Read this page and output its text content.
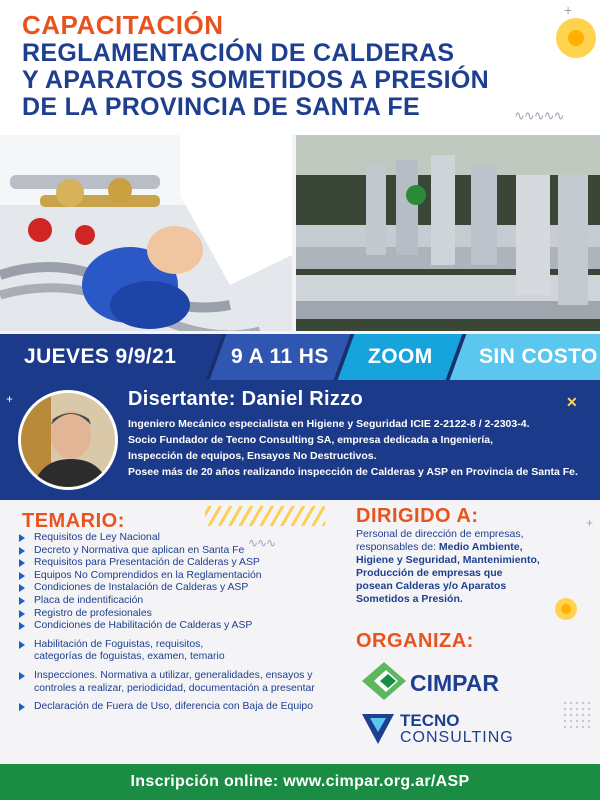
+
CAPACITACIÓN
REGLAMENTACIÓN DE CALDERAS
Y APARATOS SOMETIDOS A PRESIÓN
DE LA PROVINCIA DE SANTA FE	∿∿∿∿∿
JUEVES 9/9/21	9 A 11 HS ZOOM SIN COSTO
+	Disertante: Daniel Rizzo
Ingeniero Mecánico especialista en Higiene y Seguridad ICIE 2-2122-8 / 2-2303-4.
Socio Fundador de Tecno Consulting SA, empresa dedicada a Ingeniería,
Inspección de equipos, Ensayos No Destructivos.
Posee más de 20 años realizando inspección de Calderas y ASP en Provincia de Santa Fe.
✕
TEMARIO:
∿∿∿
Requisitos de Ley Nacional
Decreto y Normativa que aplican en Santa Fe
Requisitos para Presentación de Calderas y ASP
Equipos No Comprendidos en la Reglamentación
Condiciones de Instalación de Calderas y ASP
Placa de indentificación
Registro de profesionales
Condiciones de Habilitación de Calderas y ASP
Habilitación de Foguistas, requisitos,
categorías de foguistas, examen, temario
Inspecciones. Normativa a utilizar, generalidades, ensayos y
controles a realizar, periodicidad, documentación a presentar
Declaración de Fuera de Uso, diferencia con Baja de Equipo
DIRIGIDO A:
Personal de dirección de empresas,
responsables de: Medio Ambiente,
Higiene y Seguridad, Mantenimiento,
Producción de empresas que
posean Calderas y/o Aparatos
Sometidos a Presión.
+
ORGANIZA:
CIMPAR
TECNO
CONSULTING
Inscripción online: www.cimpar.org.ar/ASP
